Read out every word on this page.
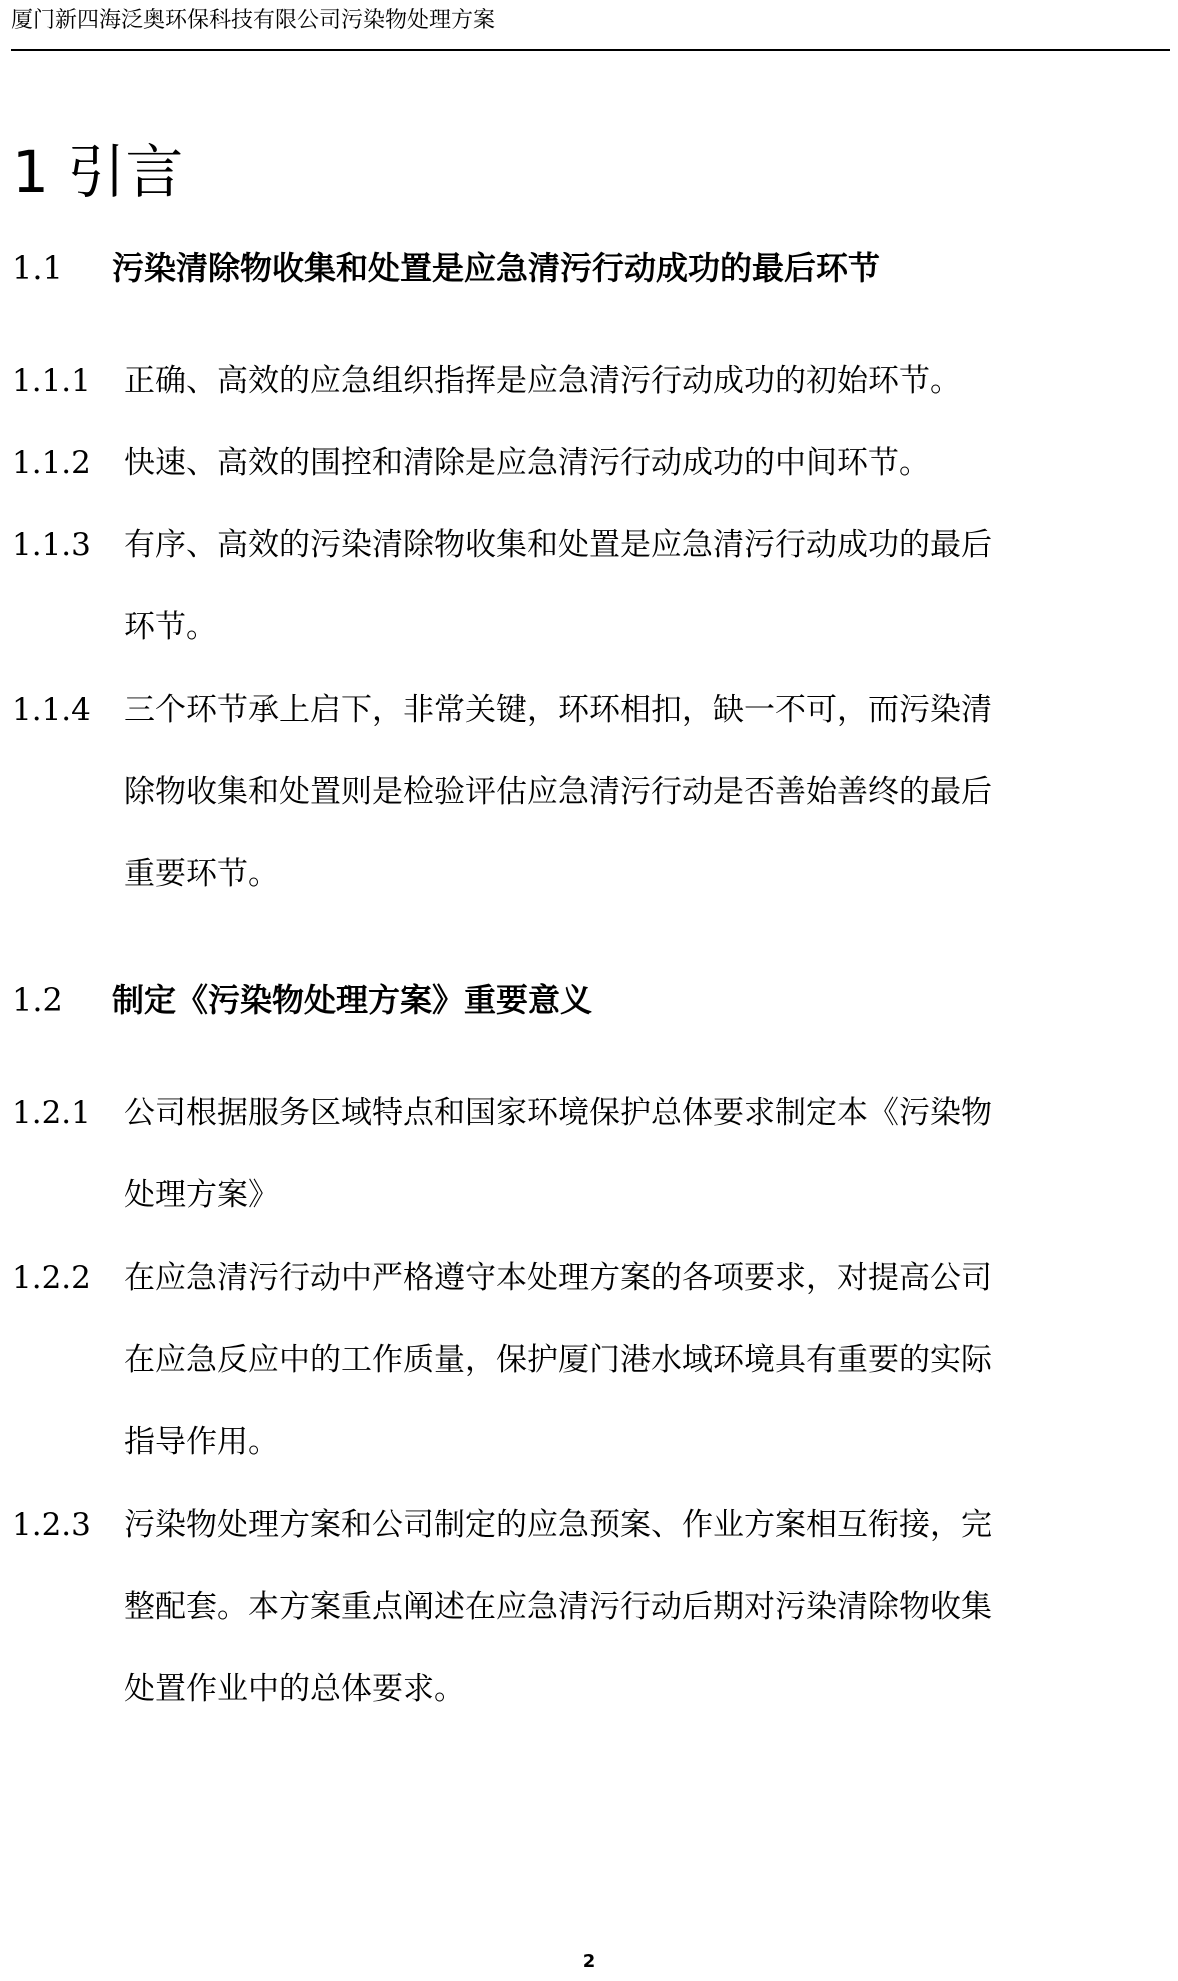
厦门新四海泛奥环保科技有限公司污染物处理方案
1 引言
1.1 污染清除物收集和处置是应急清污行动成功的最后环节
1.1.1	正确、高效的应急组织指挥是应急清污行动成功的初始环节。
1.1.2	快速、高效的围控和清除是应急清污行动成功的中间环节。
1.1.3	有序、高效的污染清除物收集和处置是应急清污行动成功的最后
环节。
1.1.4	三个环节承上启下，非常关键，环环相扣，缺一不可，而污染清
除物收集和处置则是检验评估应急清污行动是否善始善终的最后
重要环节。
1.2 制定《污染物处理方案》重要意义
1.2.1	公司根据服务区域特点和国家环境保护总体要求制定本《污染物
处理方案》
1.2.2	在应急清污行动中严格遵守本处理方案的各项要求，对提高公司
在应急反应中的工作质量，保护厦门港水域环境具有重要的实际
指导作用。
1.2.3	污染物处理方案和公司制定的应急预案、作业方案相互衔接，完
整配套。本方案重点阐述在应急清污行动后期对污染清除物收集
处置作业中的总体要求。
2
